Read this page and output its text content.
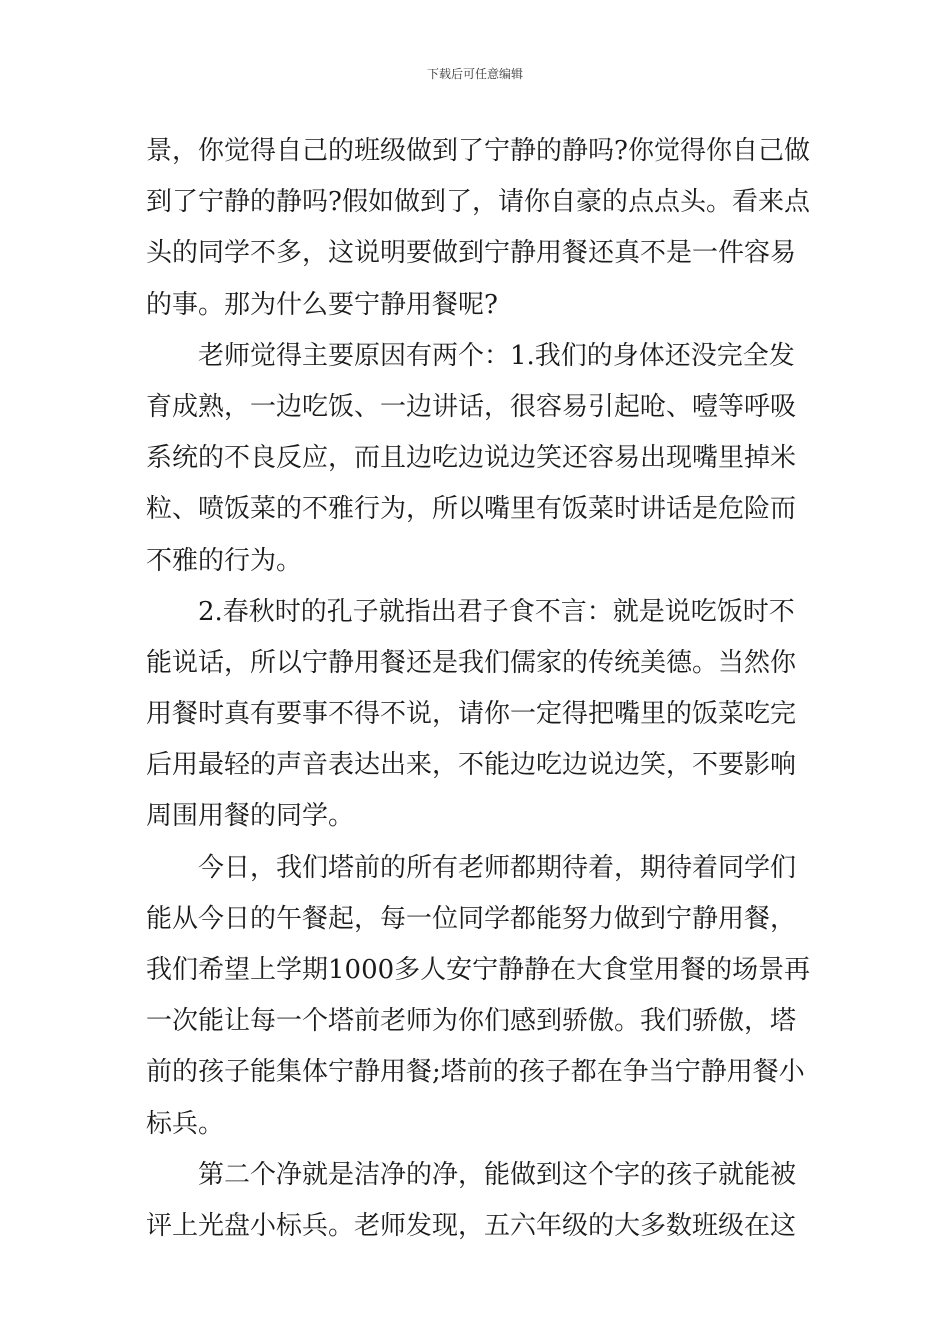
下载后可任意编辑
景，你觉得自己的班级做到了宁静的静吗?你觉得你自己做
到了宁静的静吗?假如做到了，请你自豪的点点头。看来点
头的同学不多，这说明要做到宁静用餐还真不是一件容易
的事。那为什么要宁静用餐呢?
老师觉得主要原因有两个：1.我们的身体还没完全发
育成熟，一边吃饭、一边讲话，很容易引起呛、噎等呼吸
系统的不良反应，而且边吃边说边笑还容易出现嘴里掉米
粒、喷饭菜的不雅行为，所以嘴里有饭菜时讲话是危险而
不雅的行为。
2.春秋时的孔子就指出君子食不言：就是说吃饭时不
能说话，所以宁静用餐还是我们儒家的传统美德。当然你
用餐时真有要事不得不说，请你一定得把嘴里的饭菜吃完
后用最轻的声音表达出来，不能边吃边说边笑，不要影响
周围用餐的同学。
今日，我们塔前的所有老师都期待着，期待着同学们
能从今日的午餐起，每一位同学都能努力做到宁静用餐，
我们希望上学期1000多人安宁静静在大食堂用餐的场景再
一次能让每一个塔前老师为你们感到骄傲。我们骄傲，塔
前的孩子能集体宁静用餐;塔前的孩子都在争当宁静用餐小
标兵。
第二个净就是洁净的净，能做到这个字的孩子就能被
评上光盘小标兵。老师发现，五六年级的大多数班级在这
